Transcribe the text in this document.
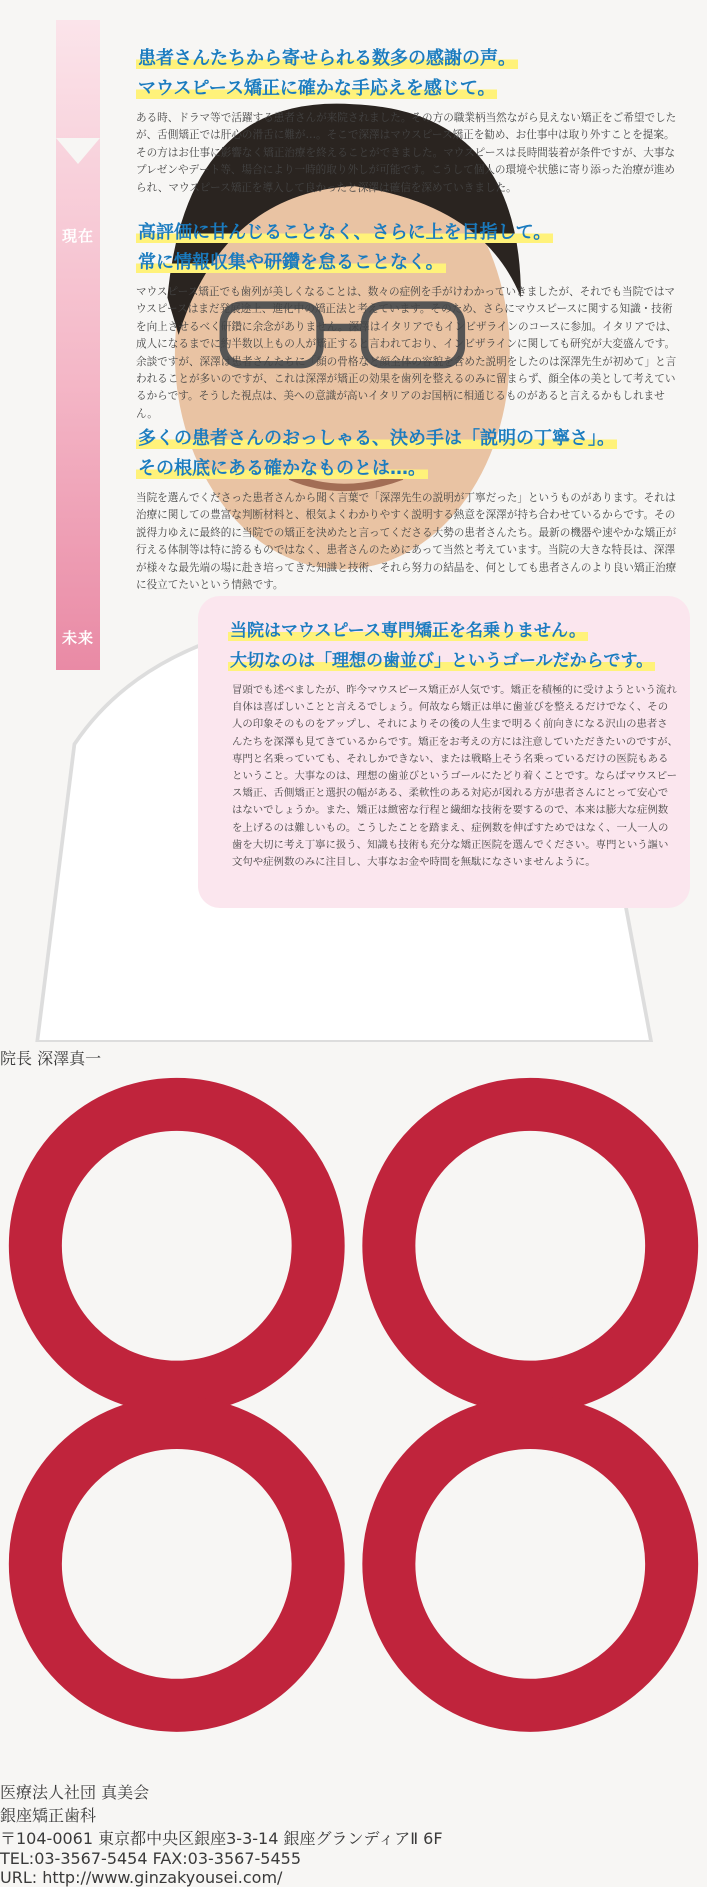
現在
未来
患者さんたちから寄せられる数多の感謝の声。
マウスピース矯正に確かな手応えを感じて。

ある時、ドラマ等で活躍する患者さんが来院されました。その方の職業柄当然ながら見えない矯正をご希望でしたが、舌側矯正では肝心の滑舌に難が…。そこで深澤はマウスピース矯正を勧め、お仕事中は取り外すことを提案。その方はお仕事に影響なく矯正治療を終えることができました。マウスピースは長時間装着が条件ですが、大事なプレゼンやデート等、場合により一時的取り外しが可能です。こうして個人の環境や状態に寄り添った治療が進められ、マウスピース矯正を導入して良かったと深澤は確信を深めていきました。

高評価に甘んじることなく、さらに上を目指して。
常に情報収集や研鑽を怠ることなく。

マウスピース矯正でも歯列が美しくなることは、数々の症例を手がけわかっていきましたが、それでも当院ではマウスピースはまだ発展途上、進化中の矯正法と考えています。そのため、さらにマウスピースに関する知識・技術を向上させるべく研鑽に余念がありません。深澤はイタリアでもインビザラインのコースに参加。イタリアでは、成人になるまでに約半数以上もの人が矯正すると言われており、インビザラインに関しても研究が大変盛んです。余談ですが、深澤は患者さんたちに「顔の骨格など顔全体の容貌を含めた説明をしたのは深澤先生が初めて」と言われることが多いのですが、これは深澤が矯正の効果を歯列を整えるのみに留まらず、顔全体の美として考えているからです。そうした視点は、美への意識が高いイタリアのお国柄に相通じるものがあると言えるかもしれません。

多くの患者さんのおっしゃる、決め手は「説明の丁寧さ」。
その根底にある確かなものとは…。

当院を選んでくださった患者さんから聞く言葉で「深澤先生の説明が丁寧だった」というものがあります。それは治療に関しての豊富な判断材料と、根気よくわかりやすく説明する熱意を深澤が持ち合わせているからです。その説得力ゆえに最終的に当院での矯正を決めたと言ってくださる大勢の患者さんたち。最新の機器や速やかな矯正が行える体制等は特に誇るものではなく、患者さんのためにあって当然と考えています。当院の大きな特長は、深澤が様々な最先端の場に赴き培ってきた知識と技術、それら努力の結晶を、何としても患者さんのより良い矯正治療に役立てたいという情熱です。

当院はマウスピース専門矯正を名乗りません。
大切なのは「理想の歯並び」というゴールだからです。

冒頭でも述べましたが、昨今マウスピース矯正が人気です。矯正を積極的に受けようという流れ自体は喜ばしいことと言えるでしょう。何故なら矯正は単に歯並びを整えるだけでなく、その人の印象そのものをアップし、それによりその後の人生まで明るく前向きになる沢山の患者さんたちを深澤も見てきているからです。矯正をお考えの方には注意していただきたいのですが、専門と名乗っていても、それしかできない、または戦略上そう名乗っているだけの医院もあるということ。大事なのは、理想の歯並びというゴールにたどり着くことです。ならばマウスピース矯正、舌側矯正と選択の幅がある、柔軟性のある対応が図れる方が患者さんにとって安心ではないでしょうか。また、矯正は緻密な行程と繊細な技術を要するので、本来は膨大な症例数を上げるのは難しいもの。こうしたことを踏まえ、症例数を伸ばすためではなく、一人一人の歯を大切に考え丁寧に扱う、知識も技術も充分な矯正医院を選んでください。専門という謳い文句や症例数のみに注目し、大事なお金や時間を無駄になさいませんように。

院長 深澤真一
医療法人社団 真美会
銀座矯正歯科
〒104-0061 東京都中央区銀座3-3-14 銀座グランディアⅡ 6F
TEL:03-3567-5454 FAX:03-3567-5455
URL: http://www.ginzakyousei.com/
